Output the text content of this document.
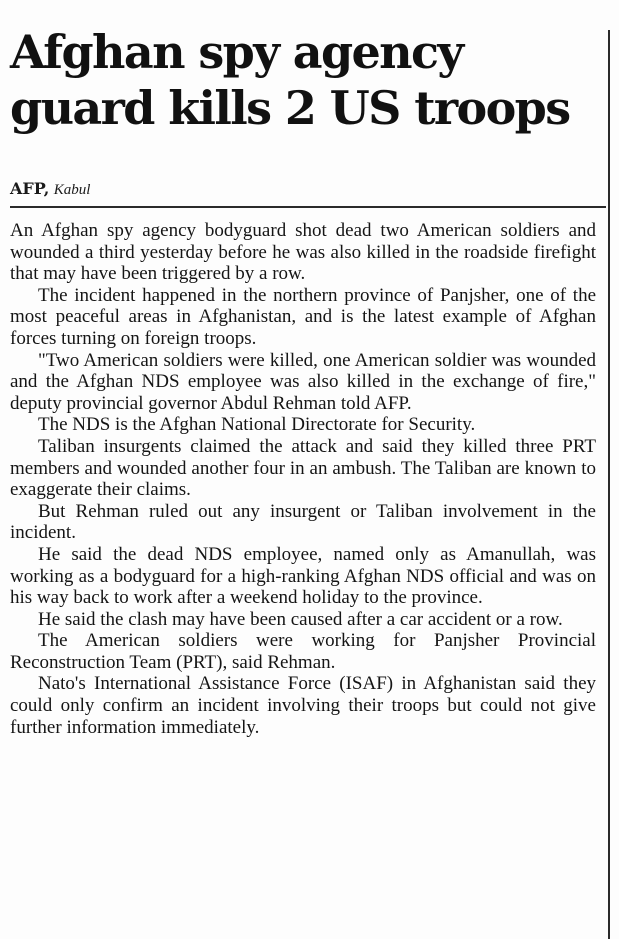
Afghan spy agency
guard kills 2 US troops
AFP, Kabul

An Afghan spy agency bodyguard shot dead two American soldiers and wounded a third yesterday before he was also killed in the roadside firefight that may have been triggered by a row.

The incident happened in the northern province of Panjsher, one of the most peaceful areas in Afghanistan, and is the latest example of Afghan forces turning on foreign troops.

"Two American soldiers were killed, one American soldier was wounded and the Afghan NDS employee was also killed in the exchange of fire," deputy provincial governor Abdul Rehman told AFP.

The NDS is the Afghan National Directorate for Security.

Taliban insurgents claimed the attack and said they killed three PRT members and wounded another four in an ambush. The Taliban are known to exaggerate their claims.

But Rehman ruled out any insurgent or Taliban involvement in the incident.

He said the dead NDS employee, named only as Amanullah, was working as a bodyguard for a high-ranking Afghan NDS official and was on his way back to work after a weekend holiday to the province.

He said the clash may have been caused after a car accident or a row.

The American soldiers were working for Panjsher Provincial Reconstruction Team (PRT), said Rehman.

Nato's International Assistance Force (ISAF) in Afghanistan said they could only confirm an incident involving their troops but could not give further information immediately.
